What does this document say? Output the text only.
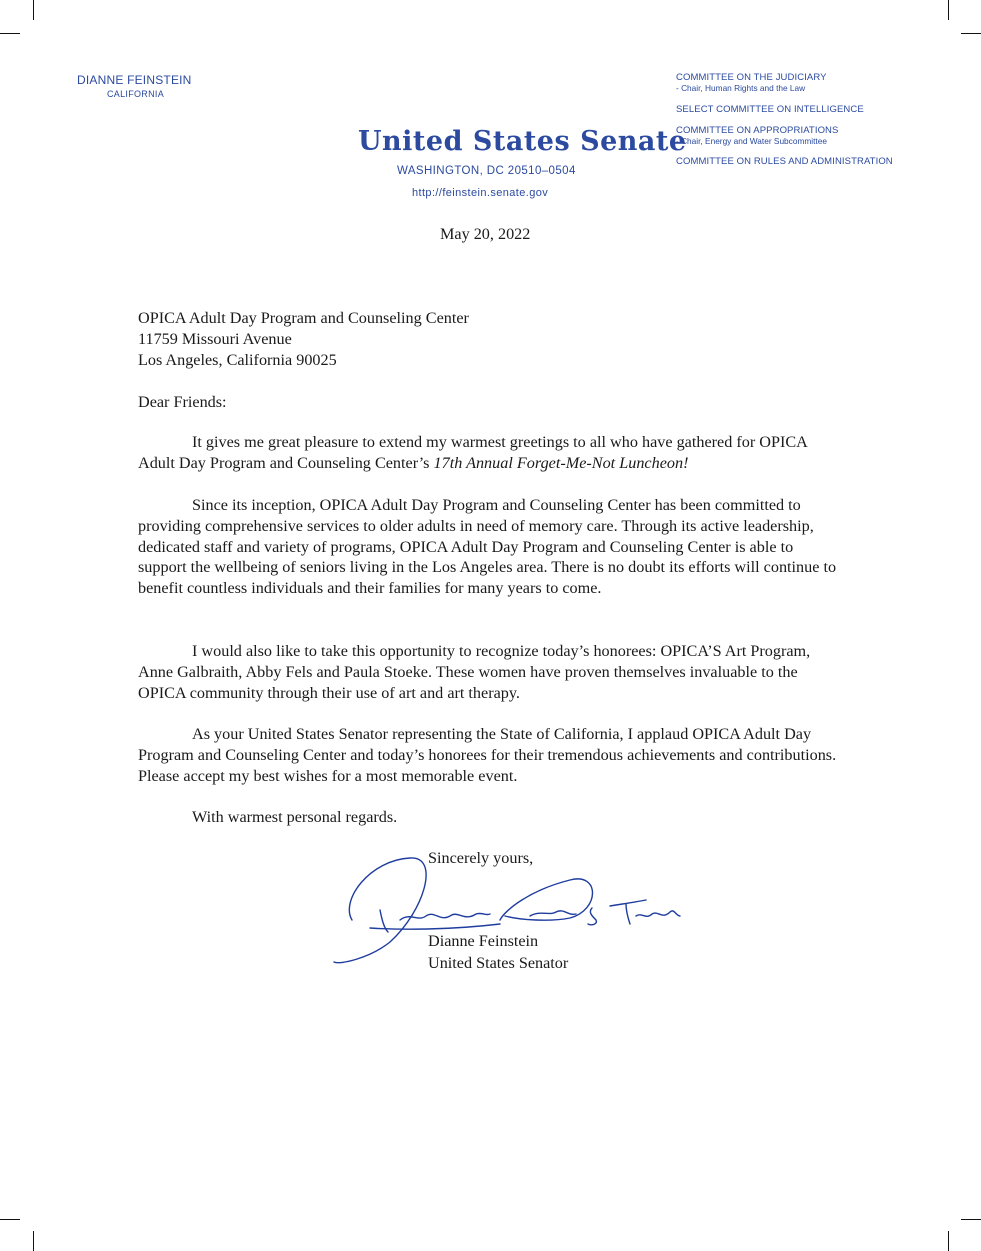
DIANNE FEINSTEIN
CALIFORNIA
United States Senate
WASHINGTON, DC 20510–0504
http://feinstein.senate.gov
COMMITTEE ON THE JUDICIARY
- Chair, Human Rights and the Law
SELECT COMMITTEE ON INTELLIGENCE
COMMITTEE ON APPROPRIATIONS
- Chair, Energy and Water Subcommittee
COMMITTEE ON RULES AND ADMINISTRATION
May 20, 2022
OPICA Adult Day Program and Counseling Center
11759 Missouri Avenue
Los Angeles, California 90025
Dear Friends:

It gives me great pleasure to extend my warmest greetings to all who have gathered for OPICA Adult Day Program and Counseling Center’s 17th Annual Forget-Me-Not Luncheon!

Since its inception, OPICA Adult Day Program and Counseling Center has been committed to providing comprehensive services to older adults in need of memory care. Through its active leadership, dedicated staff and variety of programs, OPICA Adult Day Program and Counseling Center is able to support the wellbeing of seniors living in the Los Angeles area. There is no doubt its efforts will continue to benefit countless individuals and their families for many years to come.

I would also like to take this opportunity to recognize today’s honorees: OPICA’S Art Program, Anne Galbraith, Abby Fels and Paula Stoeke. These women have proven themselves invaluable to the OPICA community through their use of art and art therapy.

As your United States Senator representing the State of California, I applaud OPICA Adult Day Program and Counseling Center and today’s honorees for their tremendous achievements and contributions. Please accept my best wishes for a most memorable event.

With warmest personal regards.
Sincerely yours,
Dianne Feinstein
United States Senator
